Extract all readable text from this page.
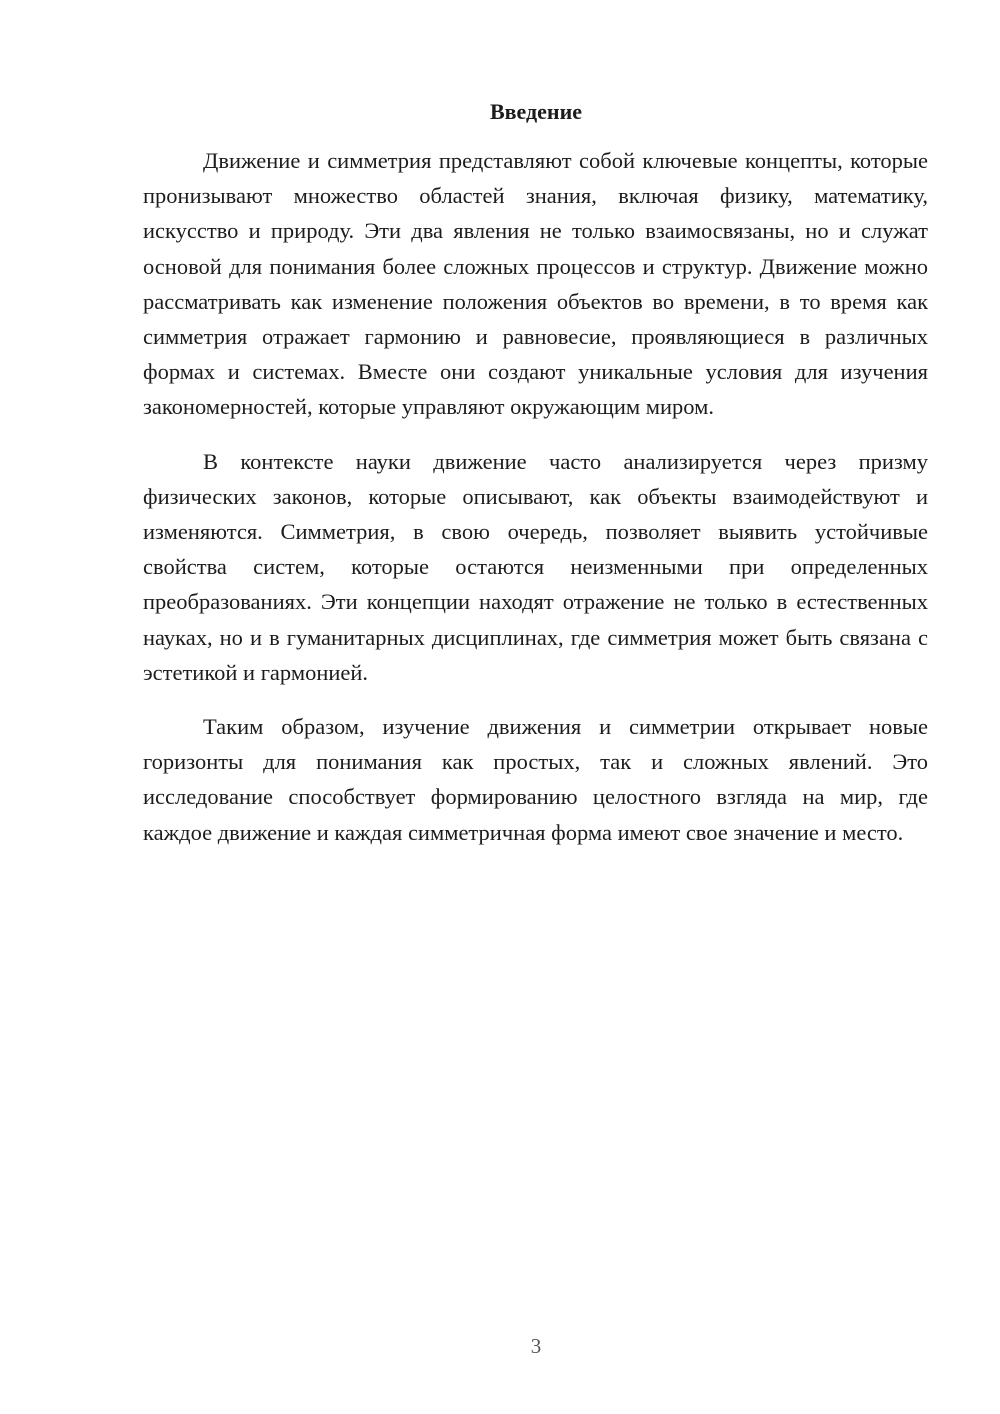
Введение

Движение и симметрия представляют собой ключевые концепты, которые пронизывают множество областей знания, включая физику, математику, искусство и природу. Эти два явления не только взаимосвязаны, но и служат основой для понимания более сложных процессов и структур. Движение можно рассматривать как изменение положения объектов во времени, в то время как симметрия отражает гармонию и равновесие, проявляющиеся в различных формах и системах. Вместе они создают уникальные условия для изучения закономерностей, которые управляют окружающим миром.

В контексте науки движение часто анализируется через призму физических законов, которые описывают, как объекты взаимодействуют и изменяются. Симметрия, в свою очередь, позволяет выявить устойчивые свойства систем, которые остаются неизменными при определенных преобразованиях. Эти концепции находят отражение не только в естественных науках, но и в гуманитарных дисциплинах, где симметрия может быть связана с эстетикой и гармонией.

Таким образом, изучение движения и симметрии открывает новые горизонты для понимания как простых, так и сложных явлений. Это исследование способствует формированию целостного взгляда на мир, где каждое движение и каждая симметричная форма имеют свое значение и место.

3
